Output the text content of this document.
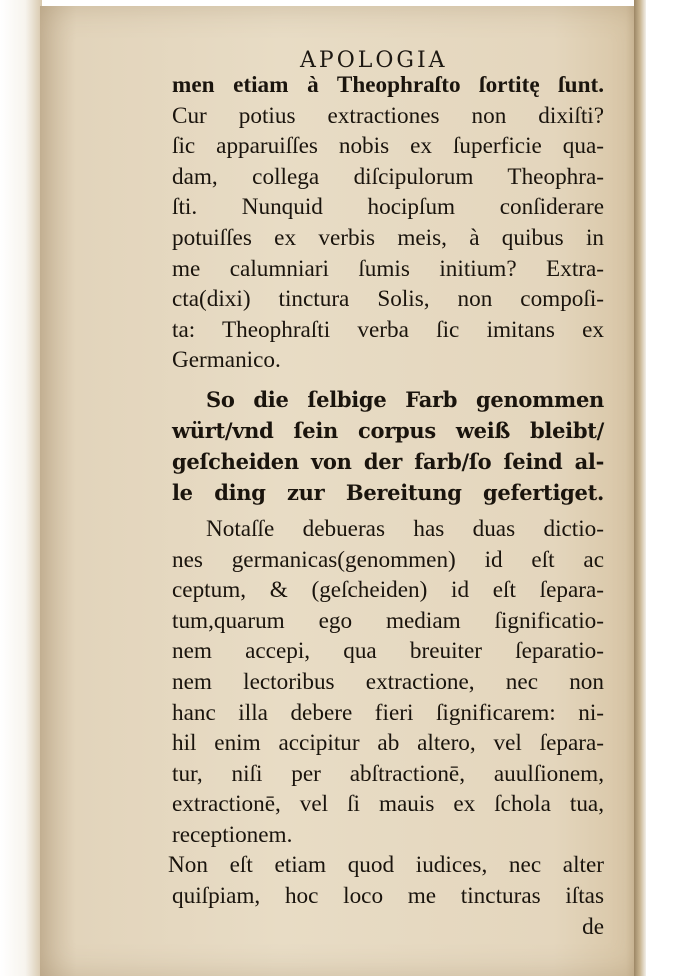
APOLOGIA
men etiam à Theophraſto ſortitę ſunt.
Cur potius extractiones non dixiſti?
ſic apparuiſſes nobis ex ſuperficie qua-
dam, collega diſcipulorum Theophra-
ſti. Nunquid hocipſum conſiderare
potuiſſes ex verbis meis, à quibus in
me calumniari ſumis initium? Extra-
cta(dixi) tinctura Solis, non compoſi-
ta: Theophraſti verba ſic imitans ex
Germanico.
So die ſelbige Farb genommen
würt/vnd ſein corpus weiß bleibt/
geſcheiden von der farb/ſo ſeind al-
le ding zur Bereitung gefertiget.
Notaſſe debueras has duas dictio-
nes germanicas(genommen) id eſt ac
ceptum, & (geſcheiden) id eſt ſepara-
tum,quarum ego mediam ſignificatio-
nem accepi, qua breuiter ſeparatio-
nem lectoribus extractione, nec non
hanc illa debere fieri ſignificarem: ni-
hil enim accipitur ab altero, vel ſepara-
tur, niſi per abſtractionē, auulſionem,
extractionē, vel ſi mauis ex ſchola tua,
receptionem.
Non eſt etiam quod iudices, nec alter
quiſpiam, hoc loco me tincturas iſtas
de
